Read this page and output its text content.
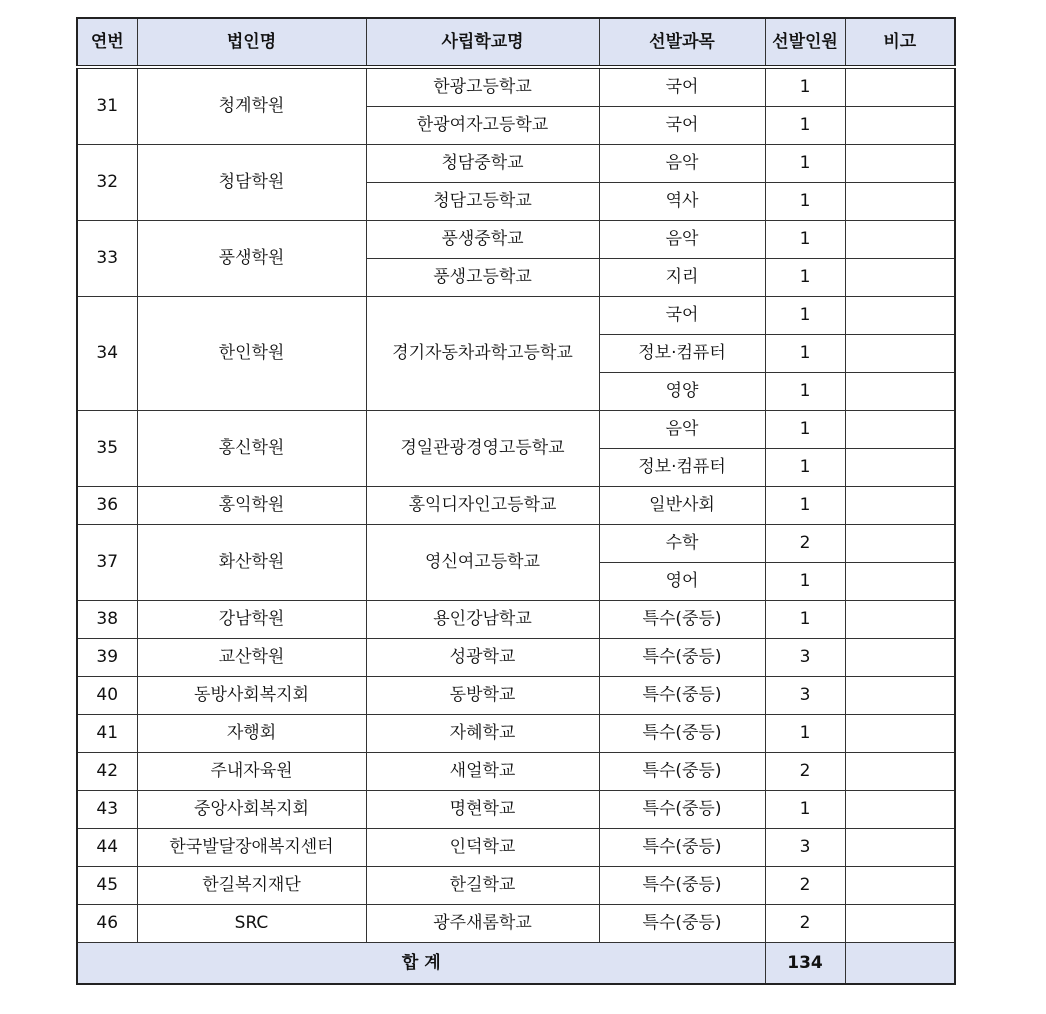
연번	법인명	사립학교명	선발과목	선발인원	비고
31	청계학원	한광고등학교	국어	1	
		한광여자고등학교	국어	1	
32	청담학원	청담중학교	음악	1	
		청담고등학교	역사	1	
33	풍생학원	풍생중학교	음악	1	
		풍생고등학교	지리	1	
34	한인학원	경기자동차과학고등학교	국어	1	
			정보·컴퓨터	1	
			영양	1	
35	홍신학원	경일관광경영고등학교	음악	1	
			정보·컴퓨터	1	
36	홍익학원	홍익디자인고등학교	일반사회	1	
37	화산학원	영신여고등학교	수학	2	
			영어	1	
38	강남학원	용인강남학교	특수(중등)	1	
39	교산학원	성광학교	특수(중등)	3	
40	동방사회복지회	동방학교	특수(중등)	3	
41	자행회	자혜학교	특수(중등)	1	
42	주내자육원	새얼학교	특수(중등)	2	
43	중앙사회복지회	명현학교	특수(중등)	1	
44	한국발달장애복지센터	인덕학교	특수(중등)	3	
45	한길복지재단	한길학교	특수(중등)	2	
46	SRC	광주새롬학교	특수(중등)	2	
합 계				134	
